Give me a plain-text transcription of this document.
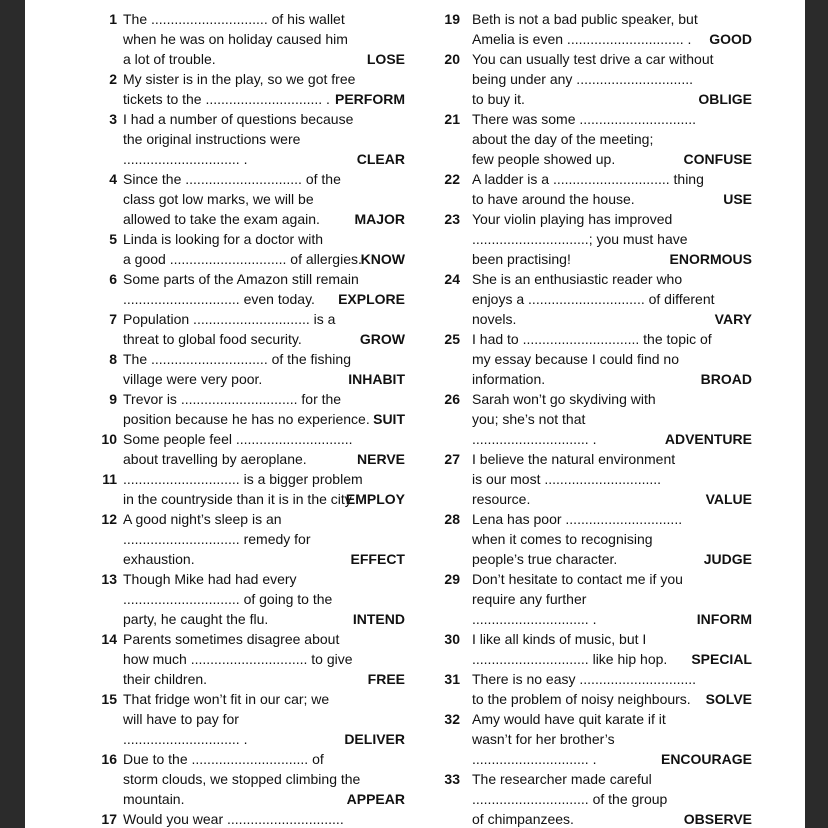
1 The .............................. of his wallet
when he was on holiday caused him
a lot of trouble.	LOSE
2 My sister is in the play, so we got free
tickets to the .............................. . PERFORM
3 I had a number of questions because
the original instructions were
.............................. .	CLEAR
4 Since the .............................. of the
class got low marks, we will be
allowed to take the exam again.	MAJOR
5 Linda is looking for a doctor with
a good .............................. of allergies.
KNOW
6 Some parts of the Amazon still remain
.............................. even today.	EXPLORE
7 Population .............................. is a
threat to global food security.	GROW
8 The .............................. of the fishing
village were very poor.	INHABIT
9 Trevor is .............................. for the
position because he has no experience. SUIT
10 Some people feel ..............................
about travelling by aeroplane.	NERVE
11 .............................. is a bigger problem
in the countryside than it is in the city.
EMPLOY
12 A good night’s sleep is an
.............................. remedy for
exhaustion.	EFFECT
13 Though Mike had had every
.............................. of going to the
party, he caught the flu.	INTEND
14 Parents sometimes disagree about
how much .............................. to give
their children.	FREE
15 That fridge won’t fit in our car; we
will have to pay for
.............................. .	DELIVER
16 Due to the .............................. of
storm clouds, we stopped climbing the
mountain.	APPEAR
17 Would you wear ..............................
19 Beth is not a bad public speaker, but
Amelia is even .............................. .	GOOD
20 You can usually test drive a car without
being under any ..............................
to buy it.	OBLIGE
21 There was some ..............................
about the day of the meeting;
few people showed up.	CONFUSE
22 A ladder is a .............................. thing
to have around the house.	USE
23 Your violin playing has improved
..............................; you must have
been practising!	ENORMOUS
24 She is an enthusiastic reader who
enjoys a .............................. of different
novels.	VARY
25 I had to .............................. the topic of
my essay because I could find no
information.	BROAD
26 Sarah won’t go skydiving with
you; she’s not that
.............................. .	ADVENTURE
27 I believe the natural environment
is our most ..............................
resource.	VALUE
28 Lena has poor ..............................
when it comes to recognising
people’s true character.	JUDGE
29 Don’t hesitate to contact me if you
require any further
.............................. .	INFORM
30 I like all kinds of music, but I
.............................. like hip hop.	SPECIAL
31 There is no easy ..............................
to the problem of noisy neighbours.	SOLVE
32 Amy would have quit karate if it
wasn’t for her brother’s
.............................. .	ENCOURAGE
33 The researcher made careful
.............................. of the group
of chimpanzees.	OBSERVE
